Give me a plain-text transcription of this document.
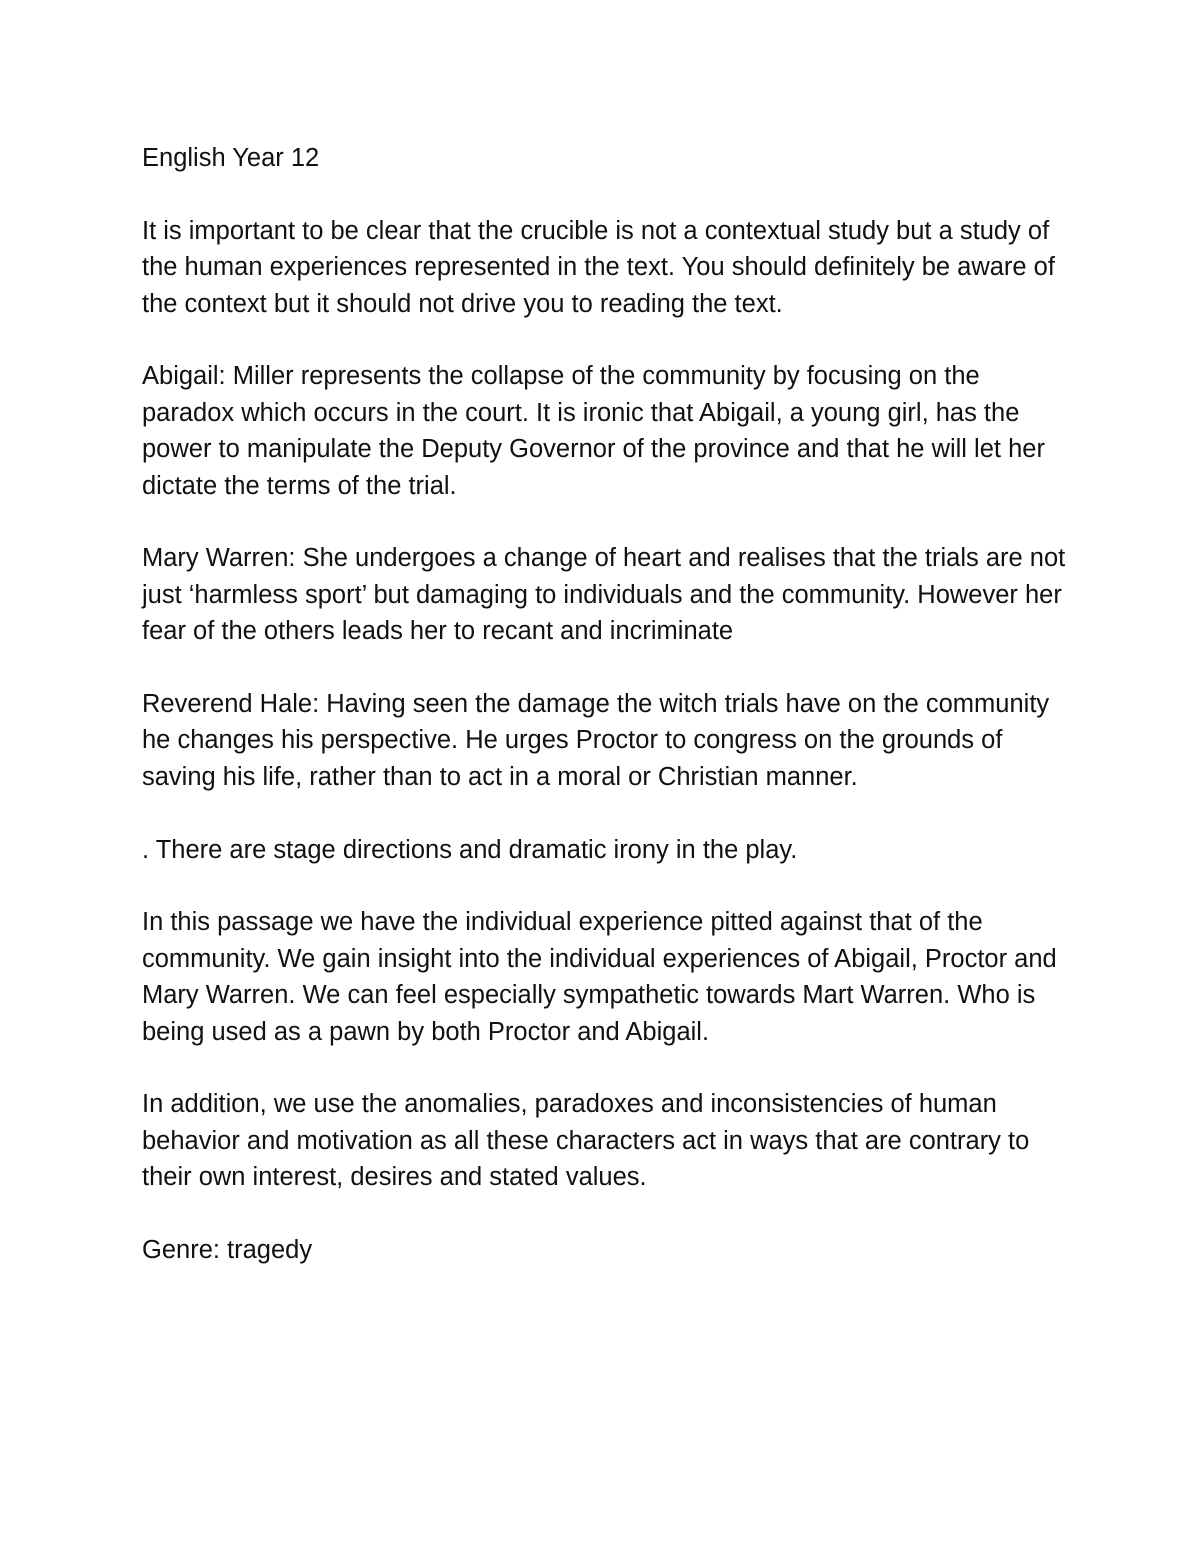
English Year 12

It is important to be clear that the crucible is not a contextual study but a study of the human experiences represented in the text. You should definitely be aware of the context but it should not drive you to reading the text.

Abigail: Miller represents the collapse of the community by focusing on the paradox which occurs in the court. It is ironic that Abigail, a young girl, has the power to manipulate the Deputy Governor of the province and that he will let her dictate the terms of the trial.

Mary Warren: She undergoes a change of heart and realises that the trials are not just ‘harmless sport’ but damaging to individuals and the community. However her fear of the others leads her to recant and incriminate

Reverend Hale: Having seen the damage the witch trials have on the community he changes his perspective. He urges Proctor to congress on the grounds of saving his life, rather than to act in a moral or Christian manner.

. There are stage directions and dramatic irony in the play.

In this passage we have the individual experience pitted against that of the community. We gain insight into the individual experiences of Abigail, Proctor and Mary Warren. We can feel especially sympathetic towards Mart Warren. Who is being used as a pawn by both Proctor and Abigail.

In addition, we use the anomalies, paradoxes and inconsistencies of human behavior and motivation as all these characters act in ways that are contrary to their own interest, desires and stated values.

Genre: tragedy
